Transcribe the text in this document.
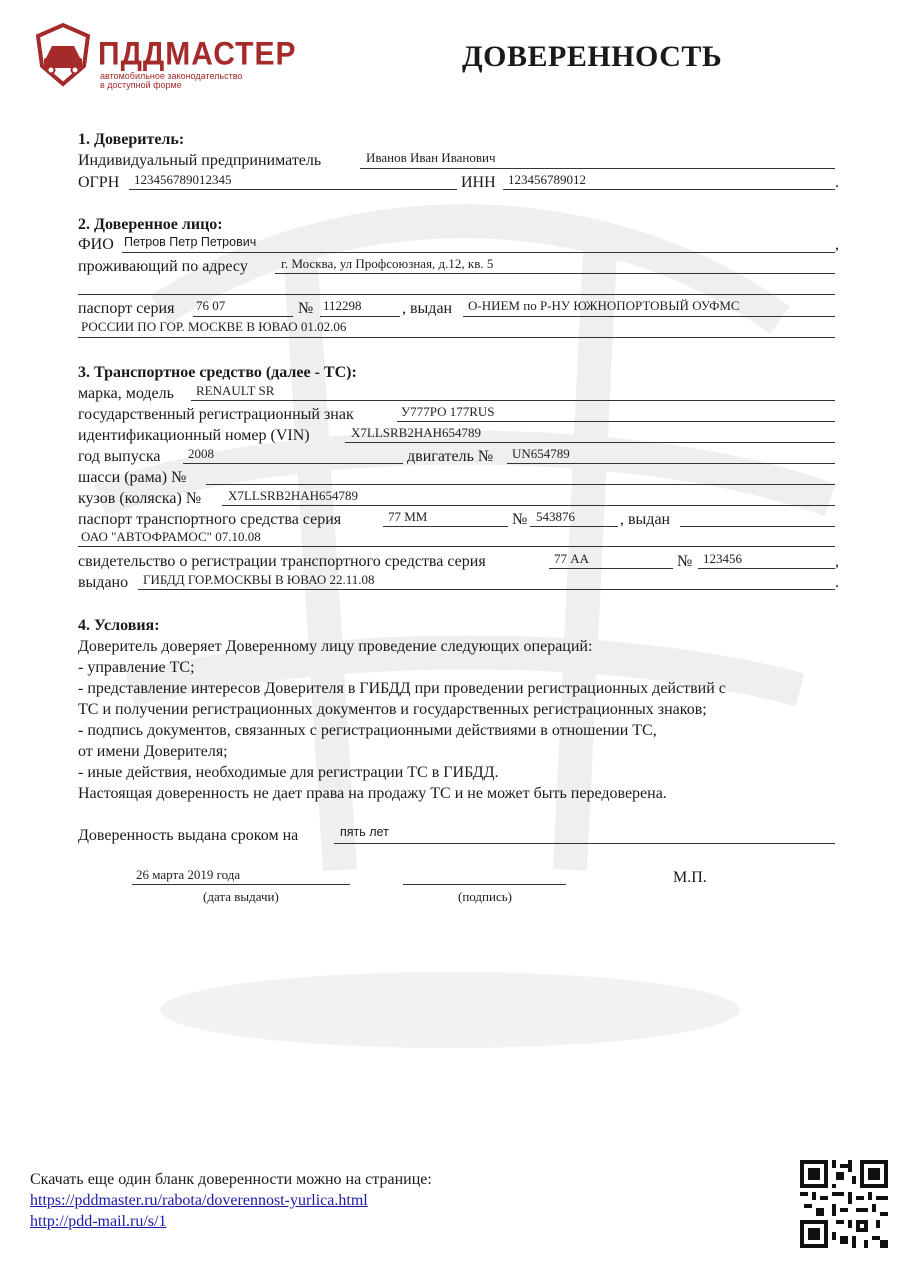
ПДДМАСТЕР
автомобильное законодательство
в доступной форме
ДОВЕРЕННОСТЬ
1. Доверитель:
Индивидуальный предприниматель	Иванов Иван Иванович
ОГРН 123456789012345	ИНН 123456789012	.
2. Доверенное лицо:
ФИО Петров Петр Петрович	,
проживающий по адресу	г. Москва, ул Профсоюзная, д.12, кв. 5
паспорт серия 76 07	№ 112298	, выдан О-НИЕМ по Р-НУ ЮЖНОПОРТОВЫЙ ОУФМС
РОССИИ ПО ГОР. МОСКВЕ В ЮВАО 01.02.06
3. Транспортное средство (далее - ТС):
марка, модель RENAULT SR
государственный регистрационный знак	У777РО 177RUS
идентификационный номер (VIN)	X7LLSRB2HAH654789
год выпуска 2008	двигатель № UN654789
шасси (рама) №
кузов (коляска) № X7LLSRB2HAH654789
паспорт транспортного средства серия	77 ММ	№ 543876	, выдан
ОАО "АВТОФРАМОС" 07.10.08
свидетельство о регистрации транспортного средства серия	77 АА	№ 123456	,
выдано ГИБДД ГОР.МОСКВЫ В ЮВАО 22.11.08	.
4. Условия:
Доверитель доверяет Доверенному лицу проведение следующих операций:
- управление ТС;
- представление интересов Доверителя в ГИБДД при проведении регистрационных действий с
ТС и получении регистрационных документов и государственных регистрационных знаков;
- подпись документов, связанных с регистрационными действиями в отношении ТС,
от имени Доверителя;
- иные действия, необходимые для регистрации ТС в ГИБДД.
Настоящая доверенность не дает права на продажу ТС и не может быть передоверена.
Доверенность выдана сроком на	пять лет
26 марта 2019 года
(дата выдачи)	(подпись)
М.П.
Скачать еще один бланк доверенности можно на странице:
https://pddmaster.ru/rabota/doverennost-yurlica.html
http://pdd-mail.ru/s/1
